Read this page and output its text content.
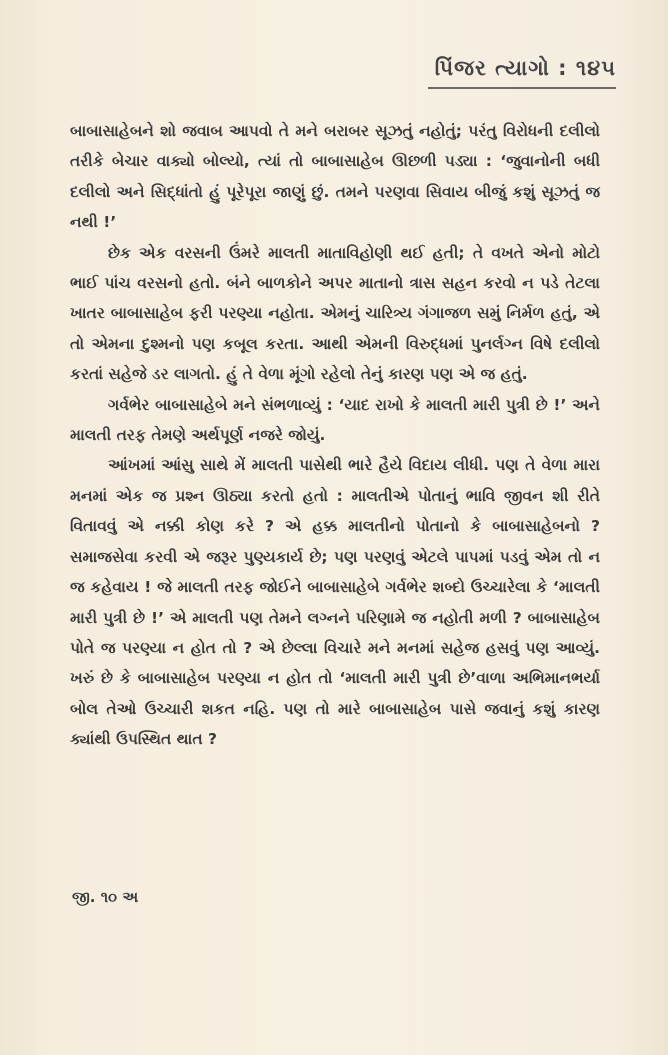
પિંજર ત્યાગો : ૧૪૫

બાબાસાહેબને શો જવાબ આપવો તે મને બરાબર સૂઝતું નહોતું; પરંતુ વિરોધની દલીલો તરીકે બેચાર વાક્યો બોલ્યો, ત્યાં તો બાબાસાહેબ ઊછળી પડ્યા : ‘જુવાનોની બધી દલીલો અને સિદ્ધાંતો હું પૂરેપૂરા જાણું છું. તમને પરણવા સિવાય બીજું કશું સૂઝતું જ નથી !’

છેક એક વરસની ઉંમરે માલતી માતાવિહોણી થઈ હતી; તે વખતે એનો મોટો ભાઈ પાંચ વરસનો હતો. બંને બાળકોને અપર માતાનો ત્રાસ સહન કરવો ન પડે તેટલા ખાતર બાબાસાહેબ ફરી પરણ્યા નહોતા. એમનું ચારિત્ર્ય ગંગાજળ સમું નિર્મળ હતું, એ તો એમના દુશ્મનો પણ કબૂલ કરતા. આથી એમની વિરુદ્ધમાં પુનર્લગ્ન વિષે દલીલો કરતાં સહેજે ડર લાગતો. હું તે વેળા મૂંગો રહેલો તેનું કારણ પણ એ જ હતું.

ગર્વભેર બાબાસાહેબે મને સંભળાવ્યું : ‘યાદ રાખો કે માલતી મારી પુત્રી છે !’ અને માલતી તરફ તેમણે અર્થપૂર્ણ નજરે જોયું.

આંખમાં આંસુ સાથે મેં માલતી પાસેથી ભારે હૈયે વિદાય લીધી. પણ તે વેળા મારા મનમાં એક જ પ્રશ્ન ઊઠ્યા કરતો હતો : માલતીએ પોતાનું ભાવિ જીવન શી રીતે વિતાવવું એ નક્કી કોણ કરે ? એ હક્ક માલતીનો પોતાનો કે બાબાસાહેબનો ? સમાજસેવા કરવી એ જરૂર પુણ્યકાર્ય છે; પણ પરણવું એટલે પાપમાં પડવું એમ તો ન જ કહેવાય ! જે માલતી તરફ જોઈને બાબાસાહેબે ગર્વભેર શબ્દો ઉચ્ચારેલા કે ‘માલતી મારી પુત્રી છે !’ એ માલતી પણ તેમને લગ્નને પરિણામે જ નહોતી મળી ? બાબાસાહેબ પોતે જ પરણ્યા ન હોત તો ? એ છેલ્લા વિચારે મને મનમાં સહેજ હસવું પણ આવ્યું. ખરું છે કે બાબાસાહેબ પરણ્યા ન હોત તો ‘માલતી મારી પુત્રી છે’વાળા અભિમાનભર્યા બોલ તેઓ ઉચ્ચારી શકત નહિ. પણ તો મારે બાબાસાહેબ પાસે જવાનું કશું કારણ ક્યાંથી ઉપસ્થિત થાત ?

જી. ૧૦ અ
